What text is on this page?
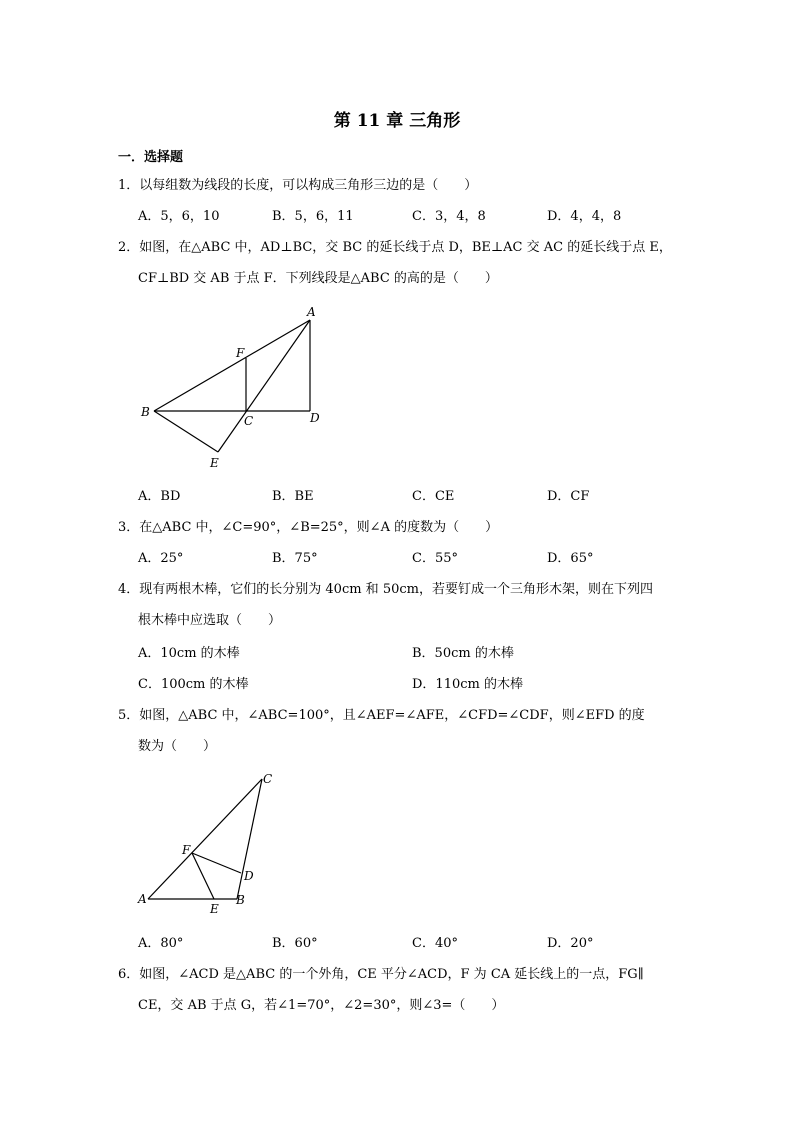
第 11 章 三角形
一．选择题
1．以每组数为线段的长度，可以构成三角形三边的是（　　）
A．5，6，10	B．5，6，11	C．3，4，8	D．4，4，8
2．如图，在△ABC 中，AD⊥BC，交 BC 的延长线于点 D，BE⊥AC 交 AC 的延长线于点 E，
CF⊥BD 交 AB 于点 F．下列线段是△ABC 的高的是（　　）
A
B
C	D
E
F
A．BD	B．BE	C．CE	D．CF
3．在△ABC 中，∠C=90°，∠B=25°，则∠A 的度数为（　　）
A．25°	B．75°	C．55°	D．65°
4．现有两根木棒，它们的长分别为 40cm 和 50cm，若要钉成一个三角形木架，则在下列四
根木棒中应选取（　　）
A．10cm 的木棒	B．50cm 的木棒
C．100cm 的木棒	D．110cm 的木棒
5．如图，△ABC 中，∠ABC=100°，且∠AEF=∠AFE，∠CFD=∠CDF，则∠EFD 的度
数为（　　）
C
F
D
A
E
B
A．80°	B．60°	C．40°	D．20°
6．如图，∠ACD 是△ABC 的一个外角，CE 平分∠ACD，F 为 CA 延长线上的一点，FG∥
CE，交 AB 于点 G，若∠1=70°，∠2=30°，则∠3=（　　）
